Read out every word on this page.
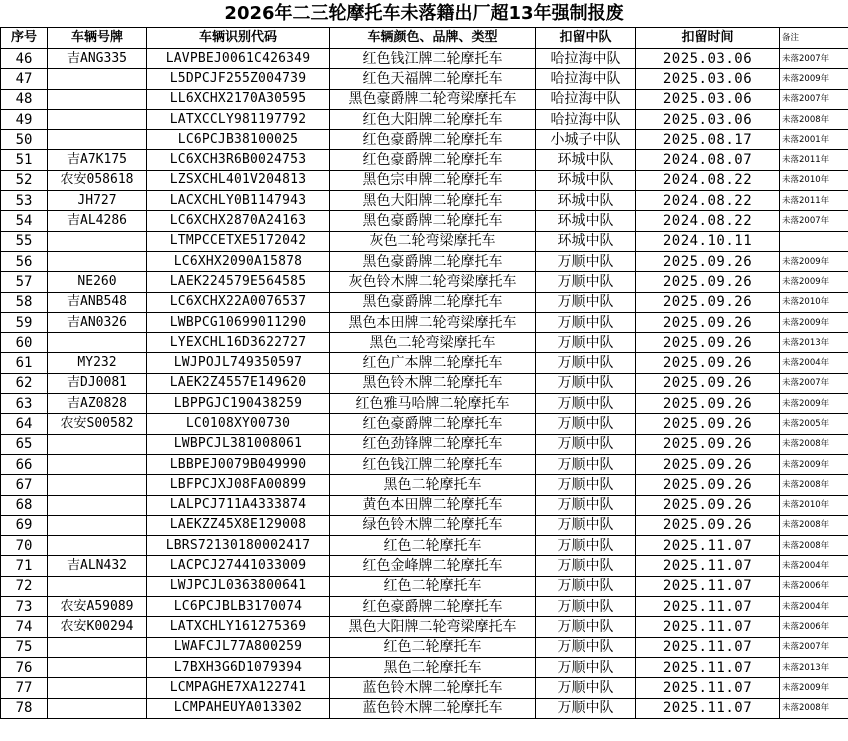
2026年二三轮摩托车未落籍出厂超13年强制报废
序号	车辆号牌	车辆识别代码	车辆颜色、品牌、类型	扣留中队	扣留时间	备注
46	吉ANG335	LAVPBEJ0061C426349	红色钱江牌二轮摩托车	哈拉海中队	2025.03.06	未落2007年
47		L5DPCJF255Z004739	红色天福牌二轮摩托车	哈拉海中队	2025.03.06	未落2009年
48		LL6XCHX2170A30595	黑色豪爵牌二轮弯梁摩托车	哈拉海中队	2025.03.06	未落2007年
49		LATXCCLY981197792	红色大阳牌二轮摩托车	哈拉海中队	2025.03.06	未落2008年
50		LC6PCJB38100025	红色豪爵牌二轮摩托车	小城子中队	2025.08.17	未落2001年
51	吉A7K175	LC6XCH3R6B0024753	红色豪爵牌二轮摩托车	环城中队	2024.08.07	未落2011年
52	农安058618	LZSXCHL401V204813	黑色宗申牌二轮摩托车	环城中队	2024.08.22	未落2010年
53	JH727	LACXCHLY0B1147943	黑色大阳牌二轮摩托车	环城中队	2024.08.22	未落2011年
54	吉AL4286	LC6XCHX2870A24163	黑色豪爵牌二轮摩托车	环城中队	2024.08.22	未落2007年
55		LTMPCCETXE5172042	灰色二轮弯梁摩托车	环城中队	2024.10.11	
56		LC6XHX2090A15878	黑色豪爵牌二轮摩托车	万顺中队	2025.09.26	未落2009年
57	NE260	LAEK224579E564585	灰色铃木牌二轮弯梁摩托车	万顺中队	2025.09.26	未落2009年
58	吉ANB548	LC6XCHX22A0076537	黑色豪爵牌二轮摩托车	万顺中队	2025.09.26	未落2010年
59	吉AN0326	LWBPCG10699011290	黑色本田牌二轮弯梁摩托车	万顺中队	2025.09.26	未落2009年
60		LYEXCHL16D3622727	黑色二轮弯梁摩托车	万顺中队	2025.09.26	未落2013年
61	MY232	LWJPOJL749350597	红色广本牌二轮摩托车	万顺中队	2025.09.26	未落2004年
62	吉DJ0081	LAEK2Z4557E149620	黑色铃木牌二轮摩托车	万顺中队	2025.09.26	未落2007年
63	吉AZ0828	LBPPGJC190438259	红色雅马哈牌二轮摩托车	万顺中队	2025.09.26	未落2009年
64	农安S00582	LC0108XY00730	红色豪爵牌二轮摩托车	万顺中队	2025.09.26	未落2005年
65		LWBPCJL381008061	红色劲锋牌二轮摩托车	万顺中队	2025.09.26	未落2008年
66		LBBPEJ0079B049990	红色钱江牌二轮摩托车	万顺中队	2025.09.26	未落2009年
67		LBFPCJXJ08FA00899	黑色二轮摩托车	万顺中队	2025.09.26	未落2008年
68		LALPCJ711A4333874	黄色本田牌二轮摩托车	万顺中队	2025.09.26	未落2010年
69		LAEKZZ45X8E129008	绿色铃木牌二轮摩托车	万顺中队	2025.09.26	未落2008年
70		LBRS72130180002417	红色二轮摩托车	万顺中队	2025.11.07	未落2008年
71	吉ALN432	LACPCJ27441033009	红色金峰牌二轮摩托车	万顺中队	2025.11.07	未落2004年
72		LWJPCJL0363800641	红色二轮摩托车	万顺中队	2025.11.07	未落2006年
73	农安A59089	LC6PCJBLB3170074	红色豪爵牌二轮摩托车	万顺中队	2025.11.07	未落2004年
74	农安K00294	LATXCHLY161275369	黑色大阳牌二轮弯梁摩托车	万顺中队	2025.11.07	未落2006年
75		LWAFCJL77A800259	红色二轮摩托车	万顺中队	2025.11.07	未落2007年
76		L7BXH3G6D1079394	黑色二轮摩托车	万顺中队	2025.11.07	未落2013年
77		LCMPAGHE7XA122741	蓝色铃木牌二轮摩托车	万顺中队	2025.11.07	未落2009年
78		LCMPAHEUYA013302	蓝色铃木牌二轮摩托车	万顺中队	2025.11.07	未落2008年
